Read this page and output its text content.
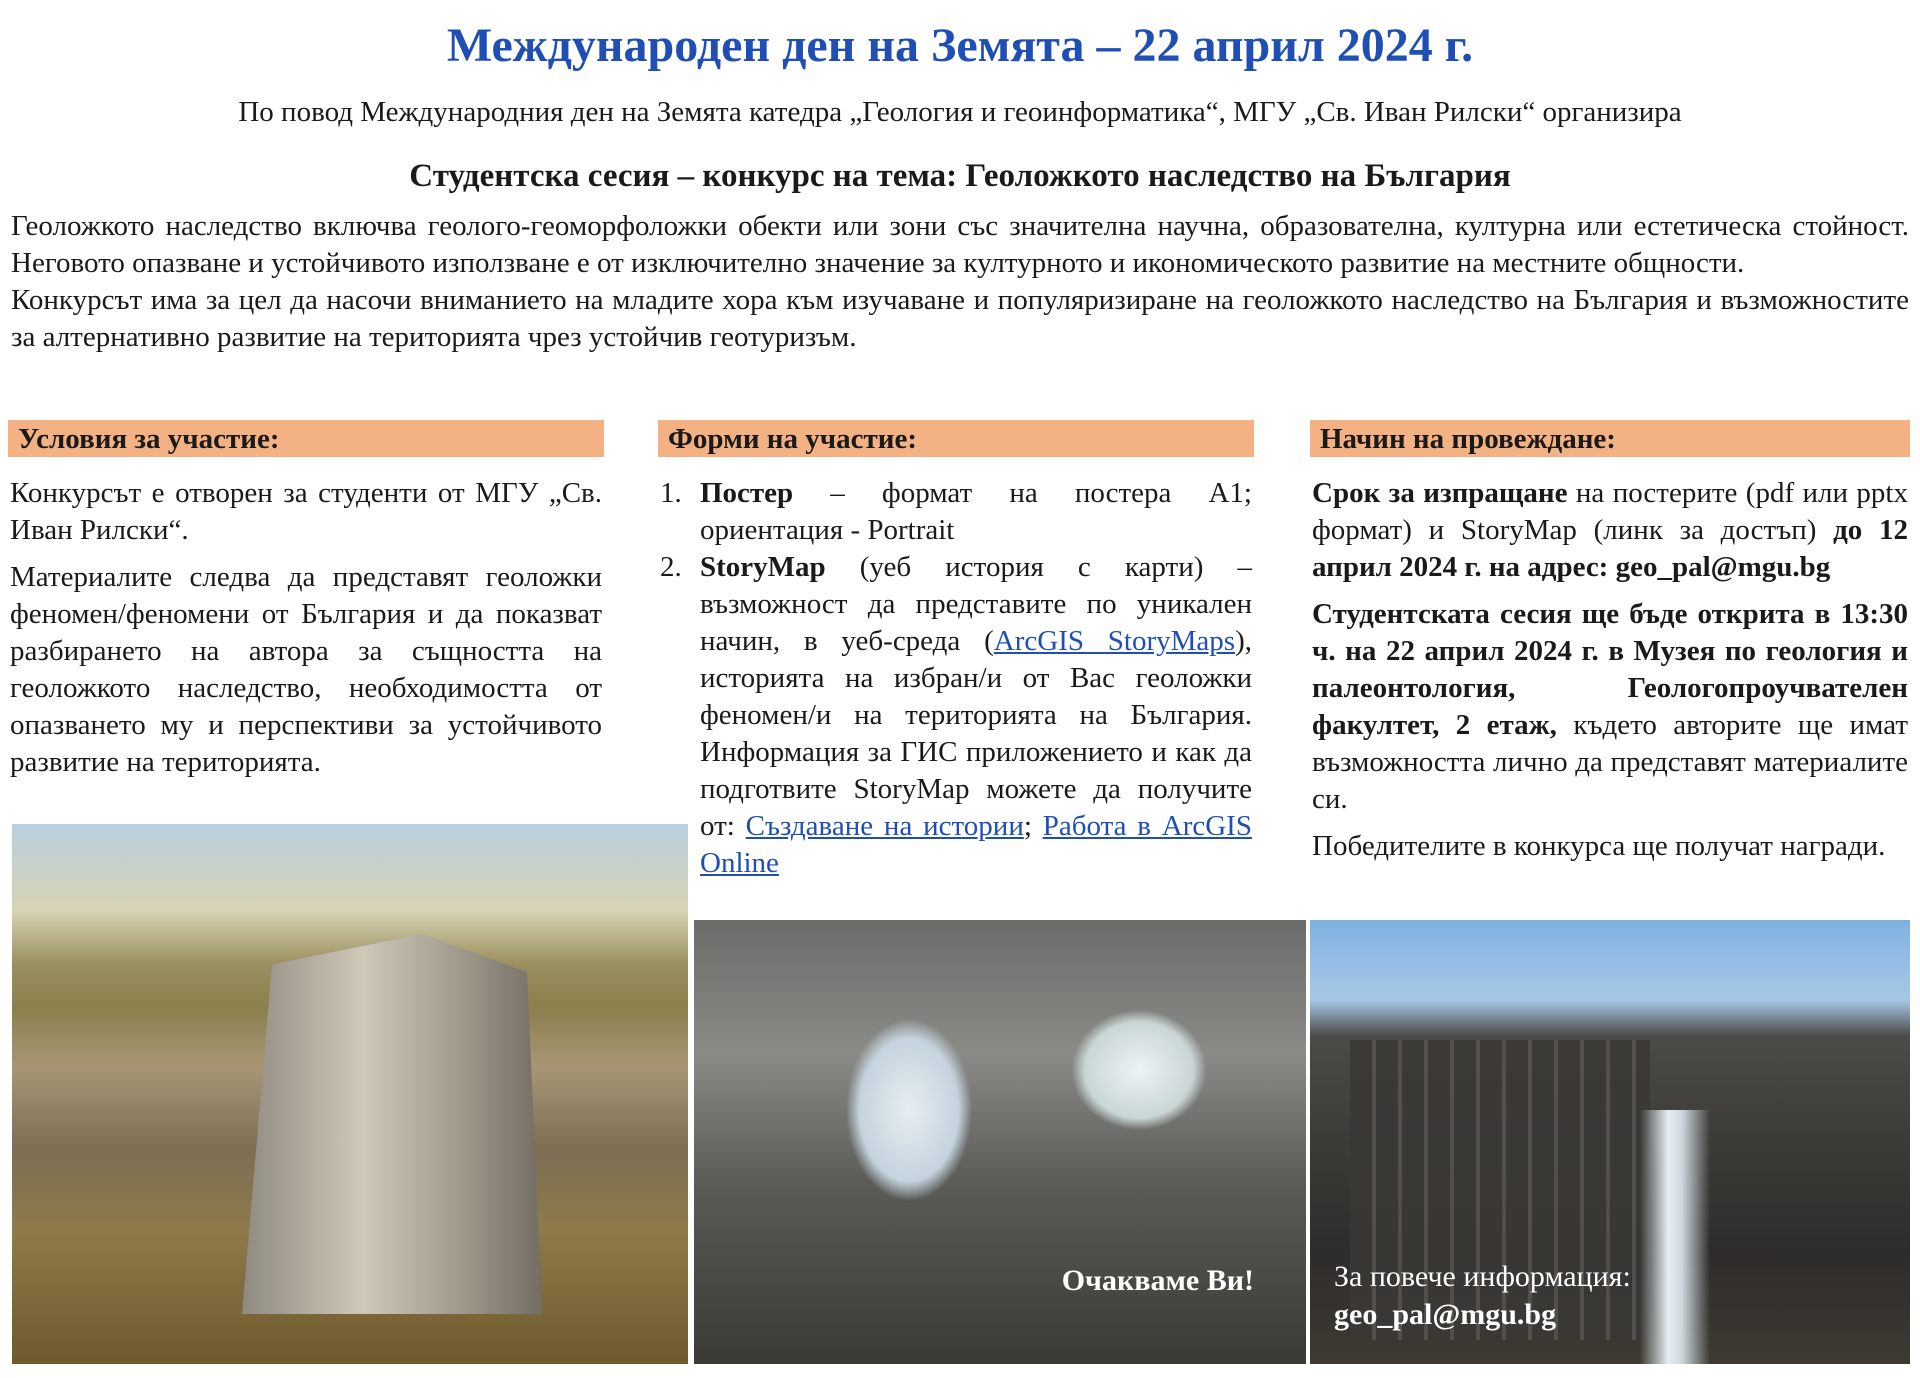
Международен ден на Земята – 22 април 2024 г.
По повод Международния ден на Земята катедра „Геология и геоинформатика“, МГУ „Св. Иван Рилски“ организира
Студентска сесия – конкурс на тема: Геоложкото наследство на България

Геоложкото наследство включва геолого-геоморфоложки обекти или зони със значителна научна, образователна, културна или естетическа стойност. Неговото опазване и устойчивото използване е от изключително значение за културното и икономическото развитие на местните общности.

Конкурсът има за цел да насочи вниманието на младите хора към изучаване и популяризиране на геоложкото наследство на България и възможностите за алтернативно развитие на територията чрез устойчив геотуризъм.

Условия за участие:

Конкурсът е отворен за студенти от МГУ „Св. Иван Рилски“.

Материалите следва да представят геоложки феномен/феномени от България и да показват разбирането на автора за същността на геоложкото наследство, необходимостта от опазването му и перспективи за устойчивото развитие на територията.

Форми на участие:
1. Постер – формат на постера А1; ориентация - Portrait
2. StoryMap (уеб история с карти) – възможност да представите по уникален начин, в уеб-среда (ArcGIS StoryMaps), историята на избран/и от Вас геоложки феномен/и на територията на България. Информация за ГИС приложението и как да подготвите StoryMap можете да получите от: Създаване на истории; Работа в ArcGIS Online
Начин на провеждане:

Срок за изпращане на постерите (pdf или pptx формат) и StoryMap (линк за достъп) до 12 април 2024 г. на адрес: geo_pal@mgu.bg

Студентската сесия ще бъде открита в 13:30 ч. на 22 април 2024 г. в Музея по геология и палеонтология, Геологопроучвателен факултет, 2 етаж, където авторите ще имат възможността лично да представят материалите си.

Победителите в конкурса ще получат награди.

Очакваме Ви!	За повече информация:
geo_pal@mgu.bg
